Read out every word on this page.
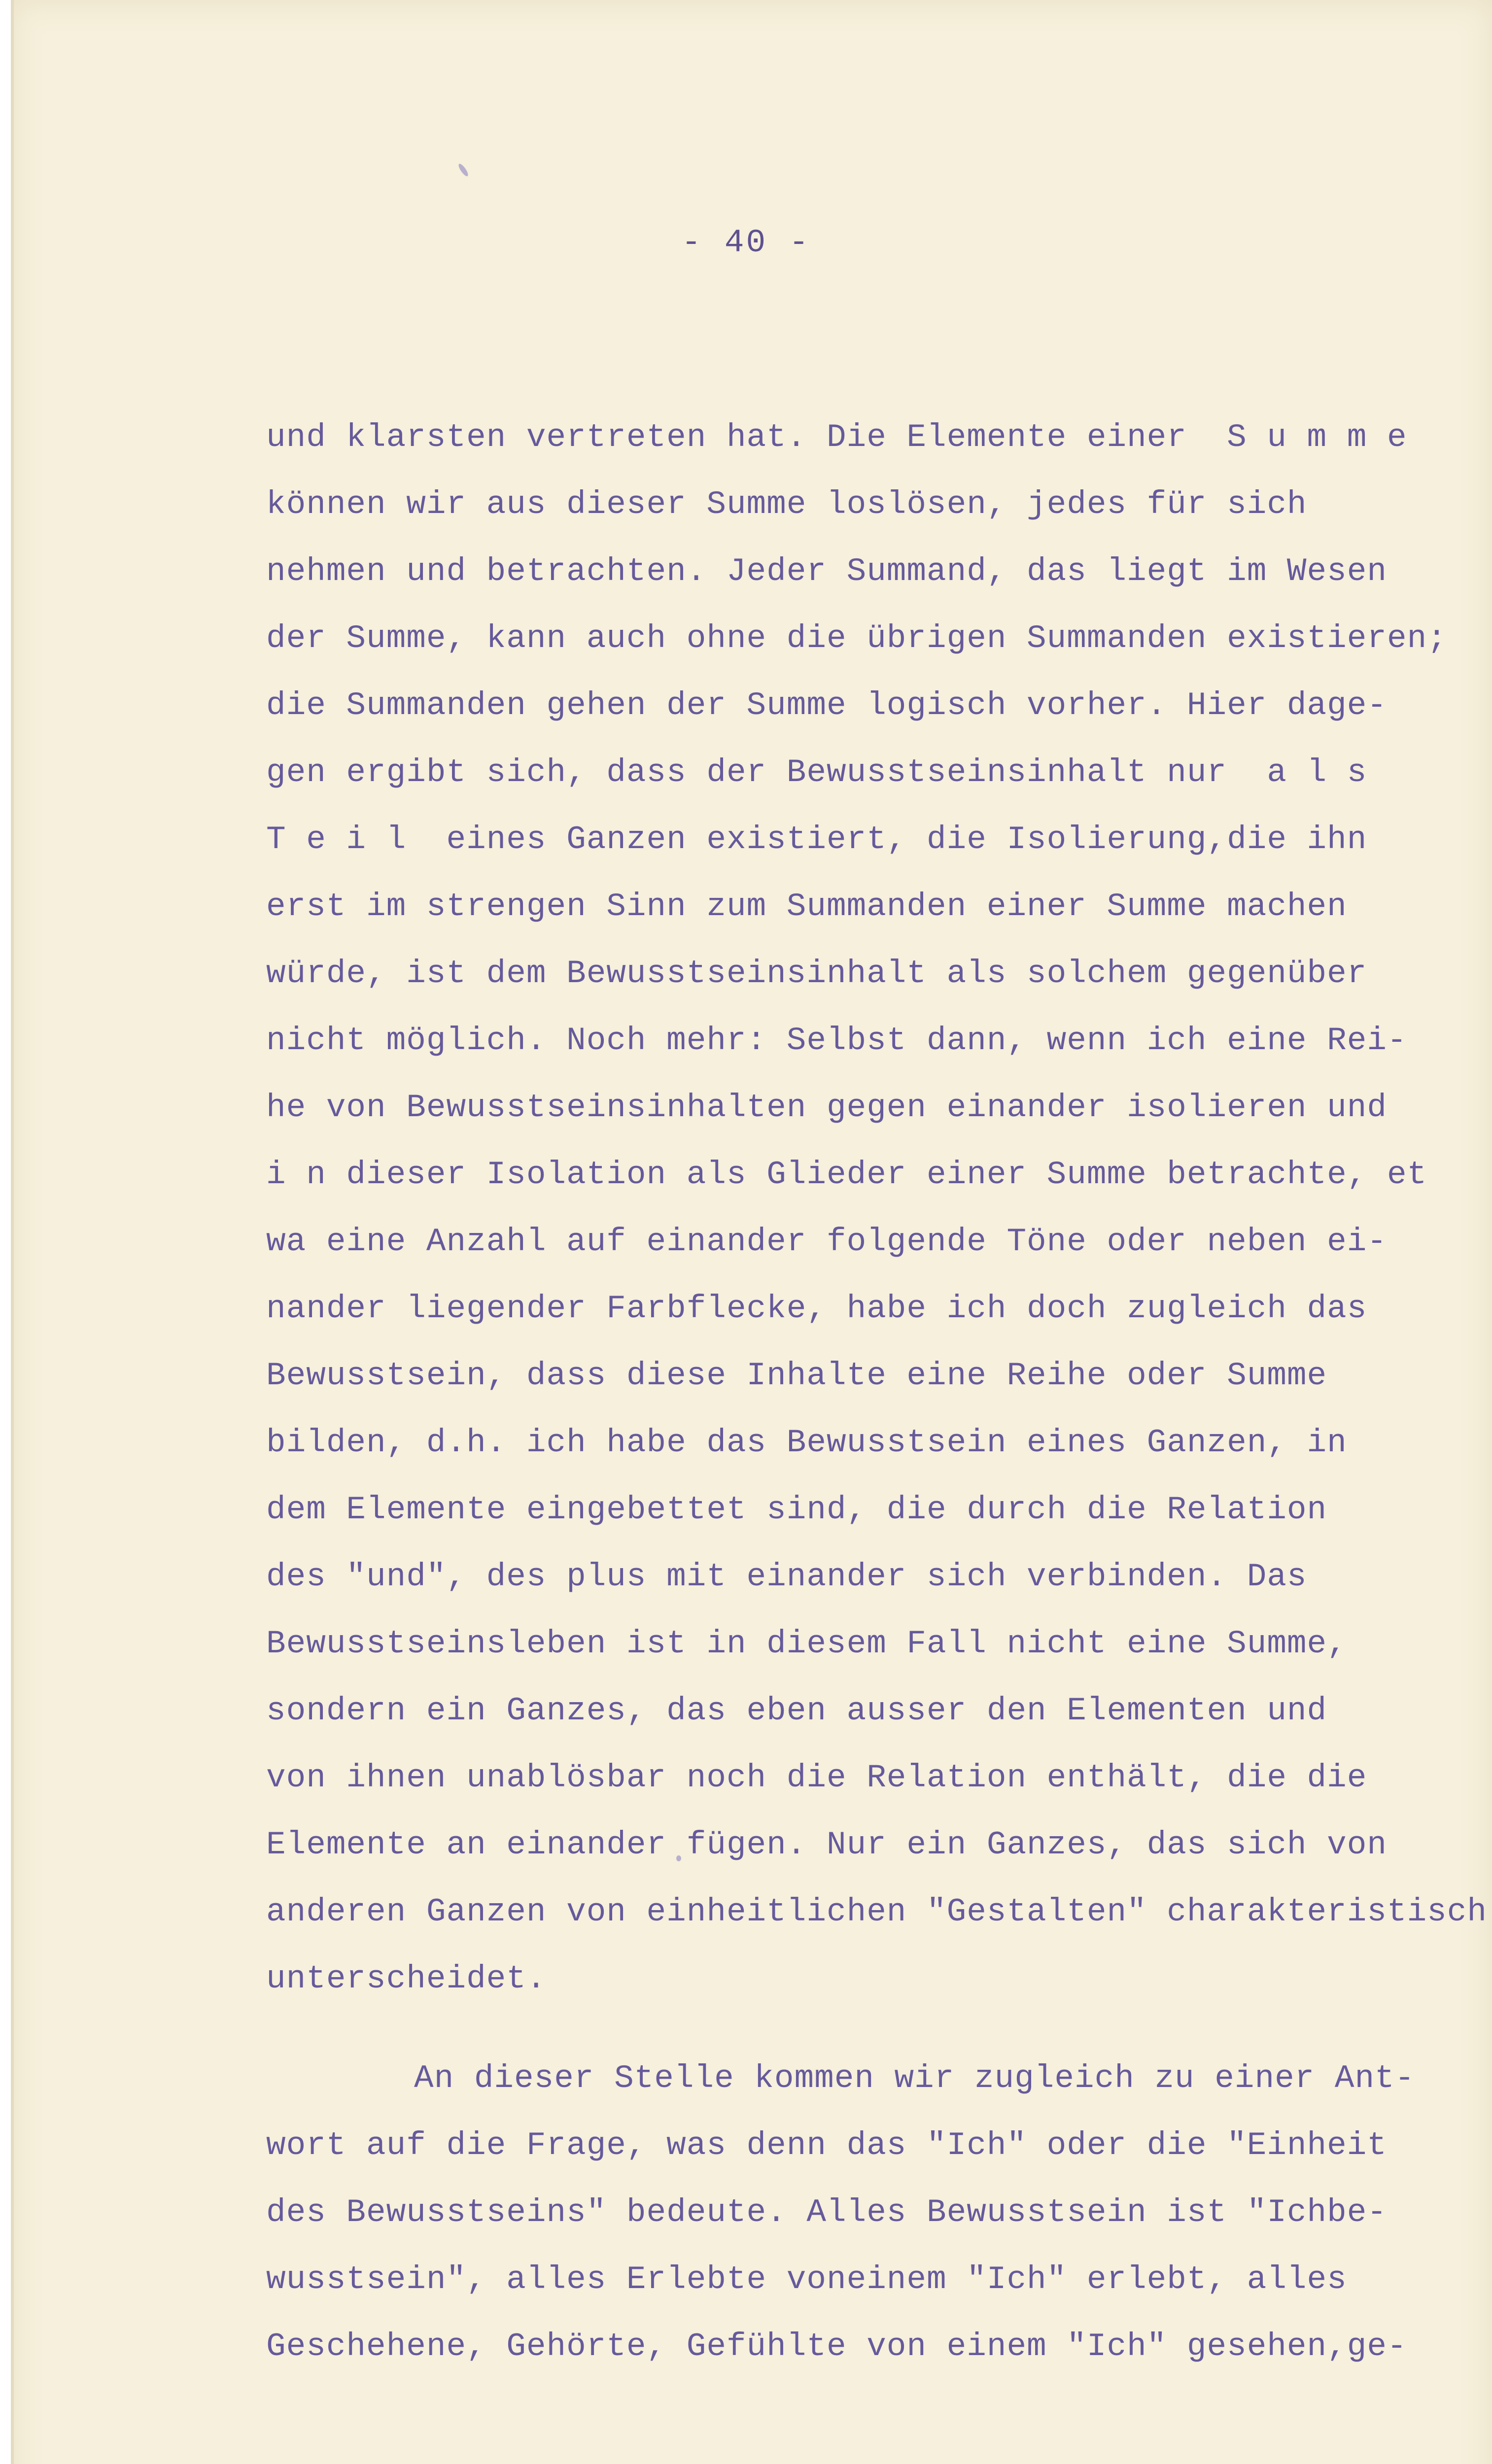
- 40 -
und klarsten vertreten hat. Die Elemente einer  S u m m e
können wir aus dieser Summe loslösen, jedes für sich
nehmen und betrachten. Jeder Summand, das liegt im Wesen
der Summe, kann auch ohne die übrigen Summanden existieren;
die Summanden gehen der Summe logisch vorher. Hier dage-
gen ergibt sich, dass der Bewusstseinsinhalt nur  a l s
T e i l  eines Ganzen existiert, die Isolierung,die ihn
erst im strengen Sinn zum Summanden einer Summe machen
würde, ist dem Bewusstseinsinhalt als solchem gegenüber
nicht möglich. Noch mehr: Selbst dann, wenn ich eine Rei-
he von Bewusstseinsinhalten gegen einander isolieren und
i n dieser Isolation als Glieder einer Summe betrachte, et
wa eine Anzahl auf einander folgende Töne oder neben ei-
nander liegender Farbflecke, habe ich doch zugleich das
Bewusstsein, dass diese Inhalte eine Reihe oder Summe
bilden, d.h. ich habe das Bewusstsein eines Ganzen, in
dem Elemente eingebettet sind, die durch die Relation
des "und", des plus mit einander sich verbinden. Das
Bewusstseinsleben ist in diesem Fall nicht eine Summe,
sondern ein Ganzes, das eben ausser den Elementen und
von ihnen unablösbar noch die Relation enthält, die die
Elemente an einander fügen. Nur ein Ganzes, das sich von
anderen Ganzen von einheitlichen "Gestalten" charakteristisch
unterscheidet.
An dieser Stelle kommen wir zugleich zu einer Ant-
wort auf die Frage, was denn das "Ich" oder die "Einheit
des Bewusstseins" bedeute. Alles Bewusstsein ist "Ichbe-
wusstsein", alles Erlebte voneinem "Ich" erlebt, alles
Geschehene, Gehörte, Gefühlte von einem "Ich" gesehen,ge-
